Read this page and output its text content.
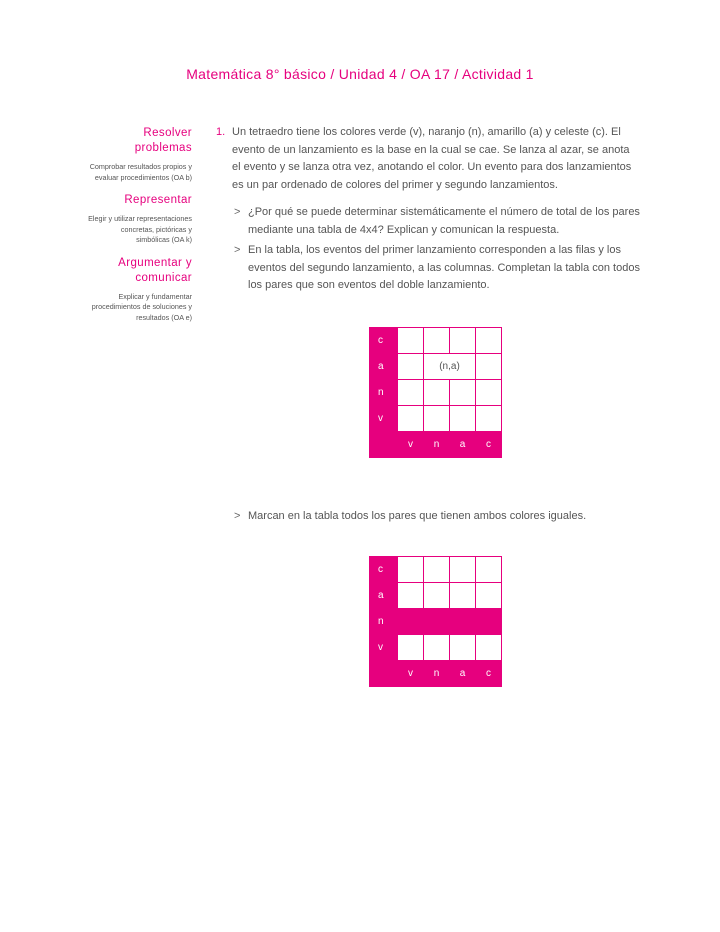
Matemática 8° básico / Unidad 4 / OA 17 / Actividad 1
Resolver problemas
Comprobar resultados propios y evaluar procedimientos (OA b)
Representar
Elegir y utilizar representaciones concretas, pictóricas y simbólicas (OA k)
Argumentar y comunicar
Explicar y fundamentar procedimientos de soluciones y resultados (OA e)
1. Un tetraedro tiene los colores verde (v), naranjo (n), amarillo (a) y celeste (c). El evento de un lanzamiento es la base en la cual se cae. Se lanza al azar, se anota el evento y se lanza otra vez, anotando el color. Un evento para dos lanzamientos es un par ordenado de colores del primer y segundo lanzamientos.
> ¿Por qué se puede determinar sistemáticamente el número de total de los pares mediante una tabla de 4x4? Explican y comunican la respuesta.
> En la tabla, los eventos del primer lanzamiento corresponden a las filas y los eventos del segundo lanzamiento, a las columnas. Completan la tabla con todos los pares que son eventos del doble lanzamiento.
c				
a		(n,a)		
n				
v				
	v	n	a	c
> Marcan en la tabla todos los pares que tienen ambos colores iguales.
c				
a				
n				
v				
	v	n	a	c
